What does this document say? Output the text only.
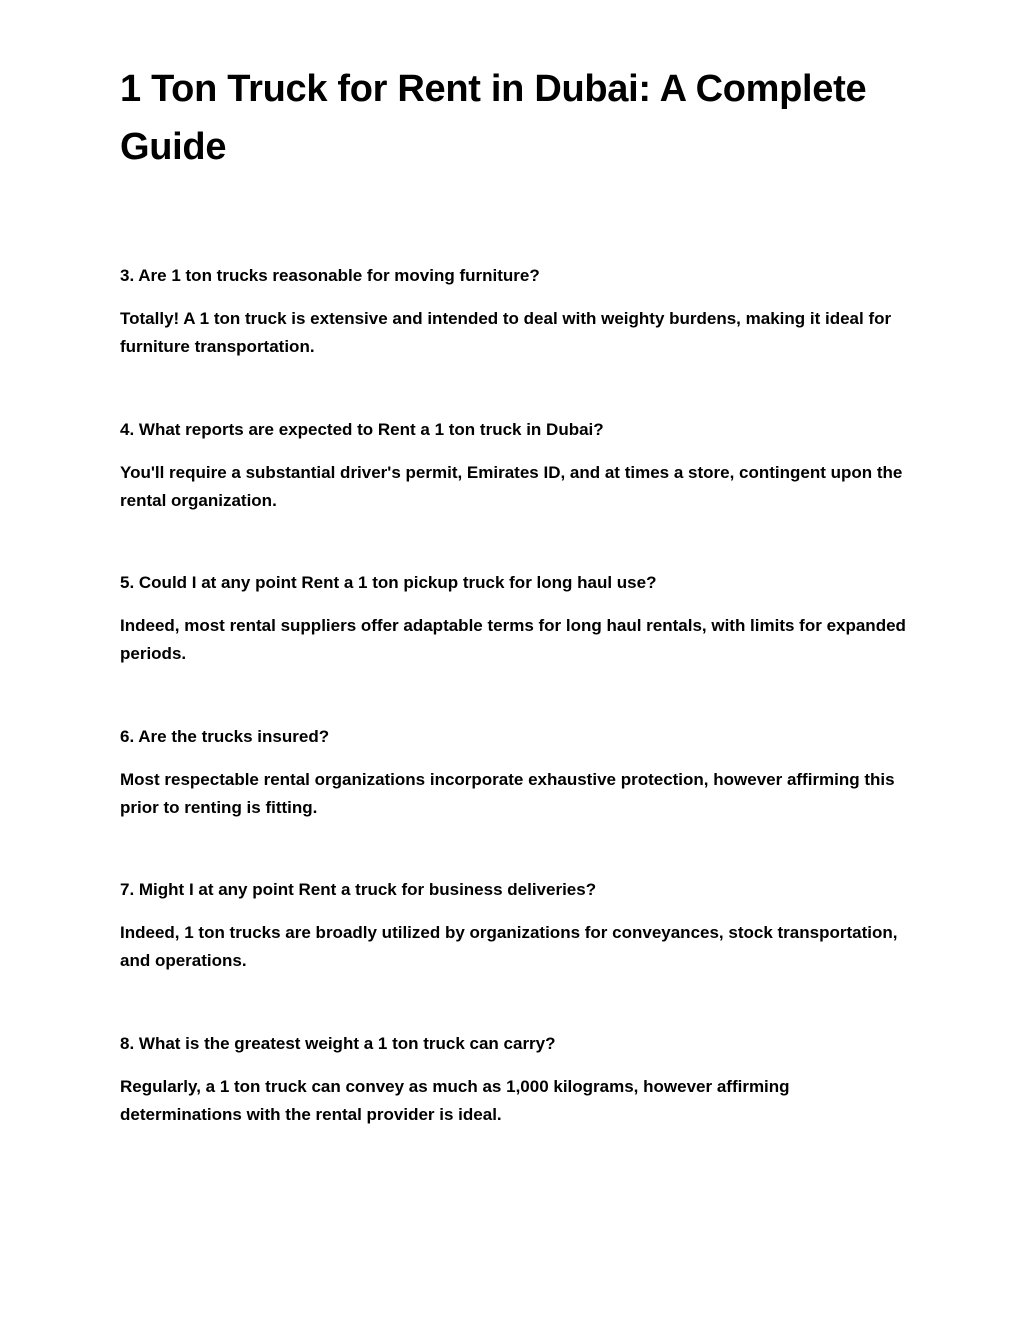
1 Ton Truck for Rent in Dubai: A Complete Guide

3. Are 1 ton trucks reasonable for moving furniture?

Totally! A 1 ton truck is extensive and intended to deal with weighty burdens, making it ideal for furniture transportation.

4. What reports are expected to Rent a 1 ton truck in Dubai?

You'll require a substantial driver's permit, Emirates ID, and at times a store, contingent upon the rental organization.

5. Could I at any point Rent a 1 ton pickup truck for long haul use?

Indeed, most rental suppliers offer adaptable terms for long haul rentals, with limits for expanded periods.

6. Are the trucks insured?

Most respectable rental organizations incorporate exhaustive protection, however affirming this prior to renting is fitting.

7. Might I at any point Rent a truck for business deliveries?

Indeed, 1 ton trucks are broadly utilized by organizations for conveyances, stock transportation, and operations.

8. What is the greatest weight a 1 ton truck can carry?

Regularly, a 1 ton truck can convey as much as 1,000 kilograms, however affirming determinations with the rental provider is ideal.
